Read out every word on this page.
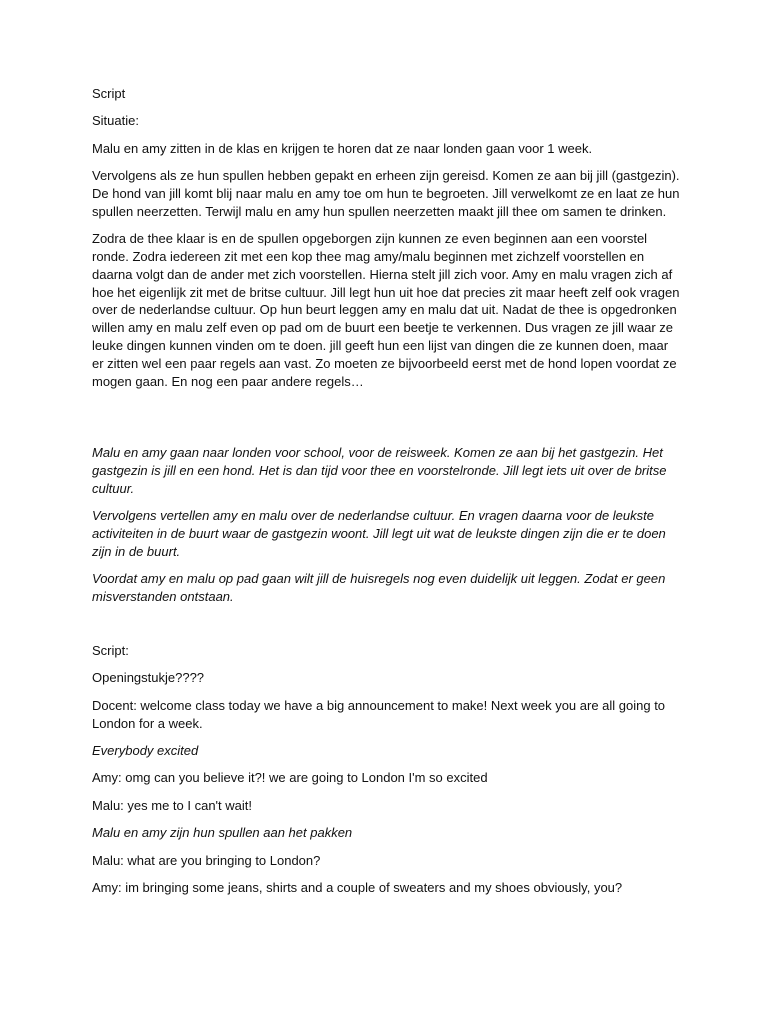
Script

Situatie:

Malu en amy zitten in de klas en krijgen te horen dat ze naar londen gaan voor 1 week.

Vervolgens als ze hun spullen hebben gepakt en erheen zijn gereisd. Komen ze aan bij jill (gastgezin). De hond van jill komt blij naar malu en amy toe om hun te begroeten. Jill verwelkomt ze en laat ze hun spullen neerzetten. Terwijl malu en amy hun spullen neerzetten maakt jill thee om samen te drinken.

Zodra de thee klaar is en de spullen opgeborgen zijn kunnen ze even beginnen aan een voorstel ronde. Zodra iedereen zit met een kop thee mag amy/malu beginnen met zichzelf voorstellen en daarna volgt dan de ander met zich voorstellen. Hierna stelt jill zich voor. Amy en malu vragen zich af hoe het eigenlijk zit met de britse cultuur. Jill legt hun uit hoe dat precies zit maar heeft zelf ook vragen over de nederlandse cultuur. Op hun beurt leggen amy en malu dat uit. Nadat de thee is opgedronken willen amy en malu zelf even op pad om de buurt een beetje te verkennen. Dus vragen ze jill waar ze leuke dingen kunnen vinden om te doen. jill geeft hun een lijst van dingen die ze kunnen doen, maar er zitten wel een paar regels aan vast. Zo moeten ze bijvoorbeeld eerst met de hond lopen voordat ze mogen gaan. En nog een paar andere regels…

Malu en amy gaan naar londen voor school, voor de reisweek. Komen ze aan bij het gastgezin. Het gastgezin is jill en een hond. Het is dan tijd voor thee en voorstelronde. Jill legt iets uit over de britse cultuur.

Vervolgens vertellen amy en malu over de nederlandse cultuur. En vragen daarna voor de leukste activiteiten in de buurt waar de gastgezin woont. Jill legt uit wat de leukste dingen zijn die er te doen zijn in de buurt.

Voordat amy en malu op pad gaan wilt jill de huisregels nog even duidelijk uit leggen. Zodat er geen misverstanden ontstaan.

Script:

Openingstukje????

Docent: welcome class today we have a big announcement to make! Next week you are all going to London for a week.

Everybody excited

Amy: omg can you believe it?! we are going to London I'm so excited

Malu: yes me to I can't wait!

Malu en amy zijn hun spullen aan het pakken

Malu: what are you bringing to London?

Amy: im bringing some jeans, shirts and a couple of sweaters and my shoes obviously, you?
